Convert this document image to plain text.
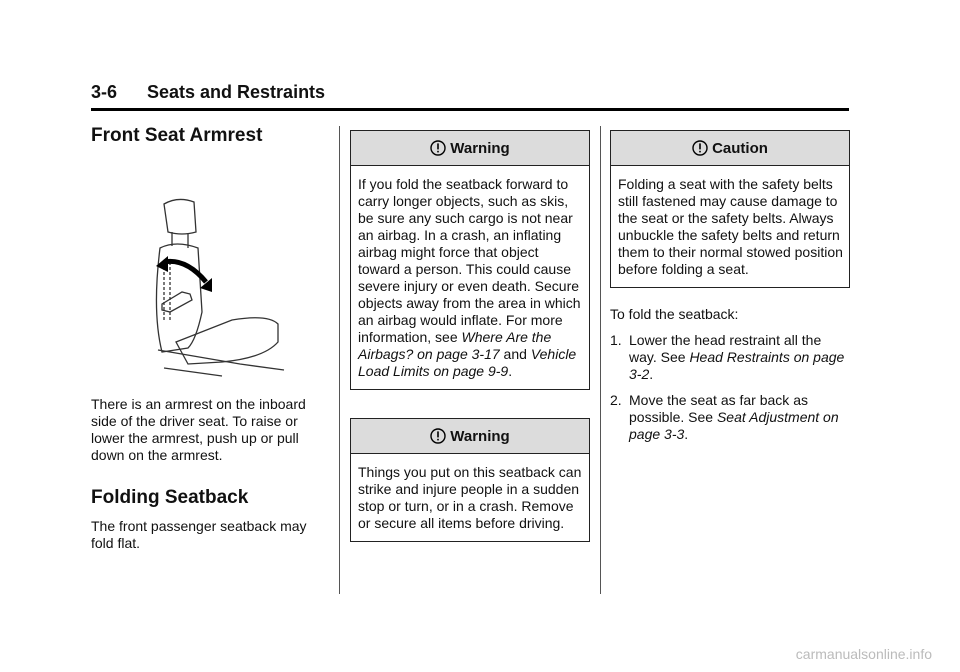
3-6 Seats and Restraints
Front Seat Armrest

There is an armrest on the inboard side of the driver seat. To raise or lower the armrest, push up or pull down on the armrest.

Folding Seatback

The front passenger seatback may fold flat.

Warning
If you fold the seatback forward to carry longer objects, such as skis, be sure any such cargo is not near an airbag. In a crash, an inflating airbag might force that object toward a person. This could cause severe injury or even death. Secure objects away from the area in which an airbag would inflate. For more information, see Where Are the Airbags? on page 3-17 and Vehicle Load Limits on page 9-9.
Warning
Things you put on this seatback can strike and injure people in a sudden stop or turn, or in a crash. Remove or secure all items before driving.
Caution
Folding a seat with the safety belts still fastened may cause damage to the seat or the safety belts. Always unbuckle the safety belts and return them to their normal stowed position before folding a seat.

To fold the seatback:

1. Lower the head restraint all the way. See Head Restraints on page 3-2.
2. Move the seat as far back as possible. See Seat Adjustment on page 3-3.
carmanualsonline.info
